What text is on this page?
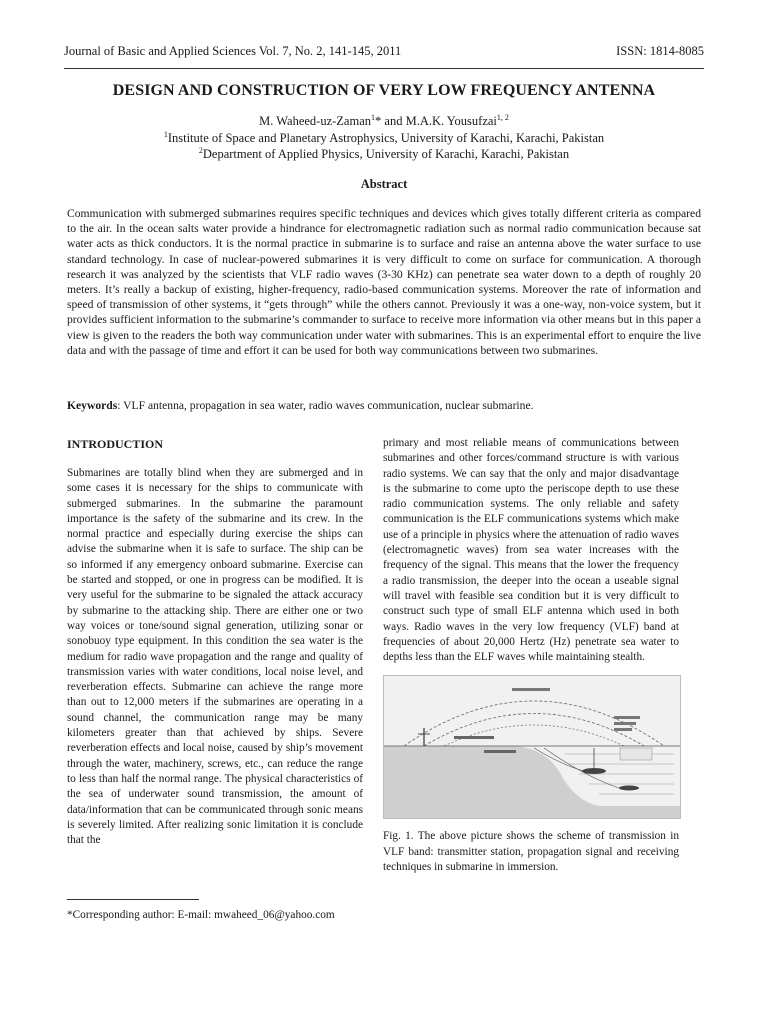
Journal of Basic and Applied Sciences Vol. 7, No. 2, 141-145, 2011	ISSN: 1814-8085
DESIGN AND CONSTRUCTION OF VERY LOW FREQUENCY ANTENNA
M. Waheed-uz-Zaman$^1$* and M.A.K. Yousufzai$^{1, 2}$
$^1$Institute of Space and Planetary Astrophysics, University of Karachi, Karachi, Pakistan
$^2$Department of Applied Physics, University of Karachi, Karachi, Pakistan
Abstract

Communication with submerged submarines requires specific techniques and devices which gives totally different criteria as compared to the air. In the ocean salts water provide a hindrance for electromagnetic radiation such as normal radio communication because sat water acts as thick conductors. It is the normal practice in submarine is to surface and raise an antenna above the water surface to use standard technology. In case of nuclear-powered submarines it is very difficult to come on surface for communication. A thorough research it was analyzed by the scientists that VLF radio waves (3-30 KHz) can penetrate sea water down to a depth of roughly 20 meters. It’s really a backup of existing, higher-frequency, radio-based communication systems. Moreover the rate of information and speed of transmission of other systems, it “gets through” while the others cannot. Previously it was a one-way, non-voice system, but it provides sufficient information to the submarine’s commander to surface to receive more information via other means but in this paper a view is given to the readers the both way communication under water with submarines. This is an experimental effort to enquire the live data and with the passage of time and effort it can be used for both way communications between two submarines.

Keywords: VLF antenna, propagation in sea water, radio waves communication, nuclear submarine.

INTRODUCTION

Submarines are totally blind when they are submerged and in some cases it is necessary for the ships to communicate with submerged submarines. In the submarine the paramount importance is the safety of the submarine and its crew. In the normal practice and especially during exercise the ships can advise the submarine when it is safe to surface. The ship can be so informed if any emergency onboard submarine. Exercise can be started and stopped, or one in progress can be modified. It is very useful for the submarine to be signaled the attack accuracy by submarine to the attacking ship. There are either one or two way voices or tone/sound signal generation, utilizing sonar or sonobuoy type equipment. In this condition the sea water is the medium for radio wave propagation and the range and quality of transmission varies with water conditions, local noise level, and reverberation effects. Submarine can achieve the range more than out to 12,000 meters if the submarines are operating in a sound channel, the communication range may be many kilometers greater than that achieved by ships. Severe reverberation effects and local noise, caused by ship’s movement through the water, machinery, screws, etc., can reduce the range to less than half the normal range. The physical characteristics of the sea of underwater sound transmission, the amount of data/information that can be communicated through sonic means is severely limited. After realizing sonic limitation it is conclude that the

primary and most reliable means of communications between submarines and other forces/command structure is with various radio systems. We can say that the only and major disadvantage is the submarine to come upto the periscope depth to use these radio communication systems. The only reliable and safety communication is the ELF communications systems which make use of a principle in physics where the attenuation of radio waves (electromagnetic waves) from sea water increases with the frequency of the signal. This means that the lower the frequency a radio transmission, the deeper into the ocean a useable signal will travel with feasible sea condition but it is very difficult to construct such type of small ELF antenna which used in both ways. Radio waves in the very low frequency (VLF) band at frequencies of about 20,000 Hertz (Hz) penetrate sea water to depths less than the ELF waves while maintaining stealth.

Fig. 1. The above picture shows the scheme of transmission in VLF band: transmitter station, propagation signal and receiving techniques in submarine in immersion.

*Corresponding author: E-mail: mwaheed_06@yahoo.com
